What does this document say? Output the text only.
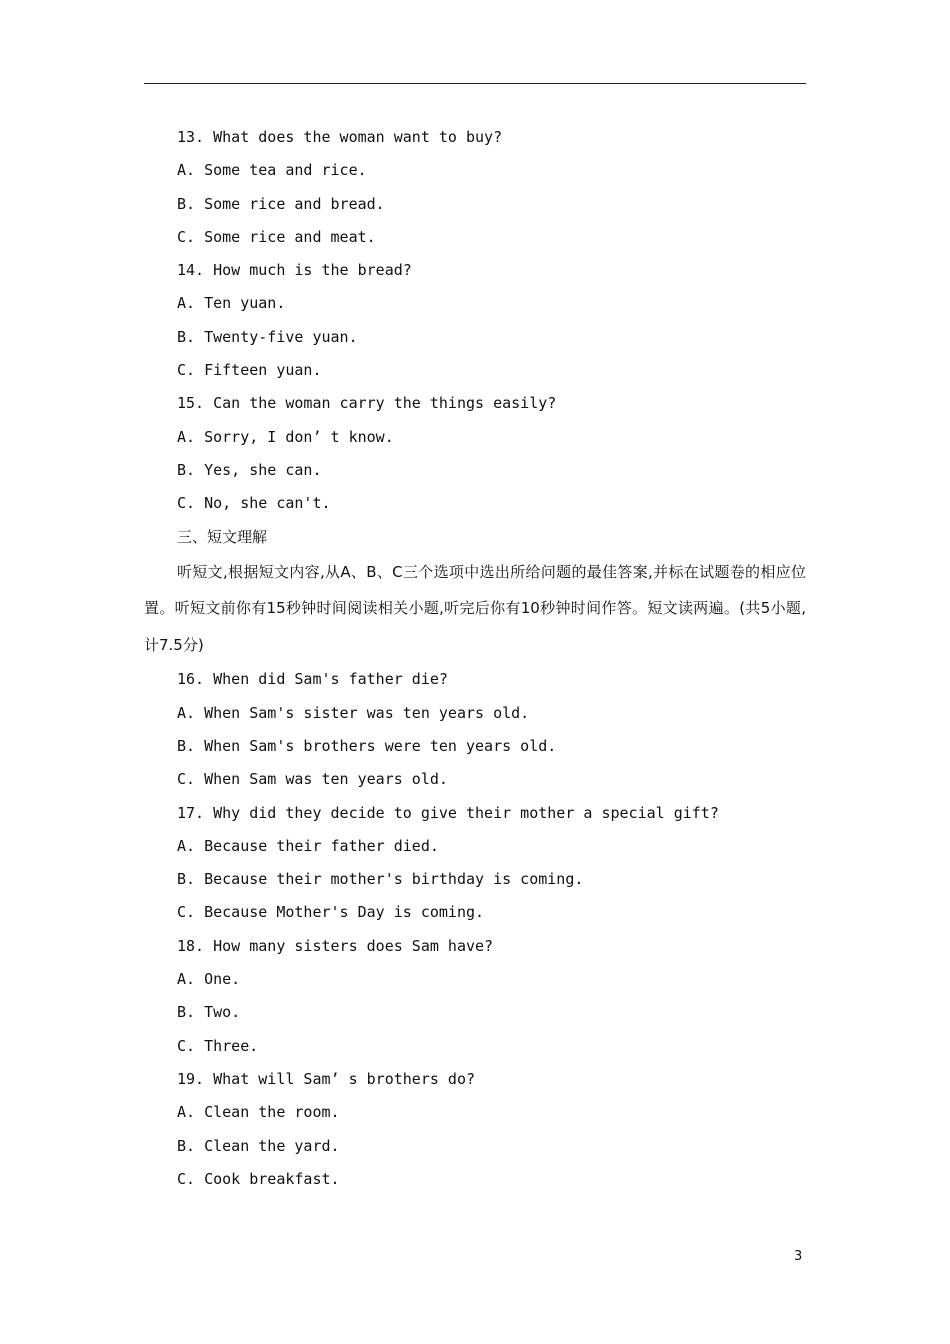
13. What does the woman want to buy?
A. Some tea and rice.
B. Some rice and bread.
C. Some rice and meat.
14. How much is the bread?
A. Ten yuan.
B. Twenty-five yuan.
C. Fifteen yuan.
15. Can the woman carry the things easily?
A. Sorry, I don’ t know.
B. Yes, she can.
C. No, she can't.
三、短文理解
听短文,根据短文内容,从A、B、C三个选项中选出所给问题的最佳答案,并标在试题卷的相应位置。听短文前你有15秒钟时间阅读相关小题,听完后你有10秒钟时间作答。短文读两遍。(共5小题,计7.5分)
16. When did Sam's father die?
A. When Sam's sister was ten years old.
B. When Sam's brothers were ten years old.
C. When Sam was ten years old.
17. Why did they decide to give their mother a special gift?
A. Because their father died.
B. Because their mother's birthday is coming.
C. Because Mother's Day is coming.
18. How many sisters does Sam have?
A. One.
B. Two.
C. Three.
19. What will Sam’ s brothers do?
A. Clean the room.
B. Clean the yard.
C. Cook breakfast.
3
